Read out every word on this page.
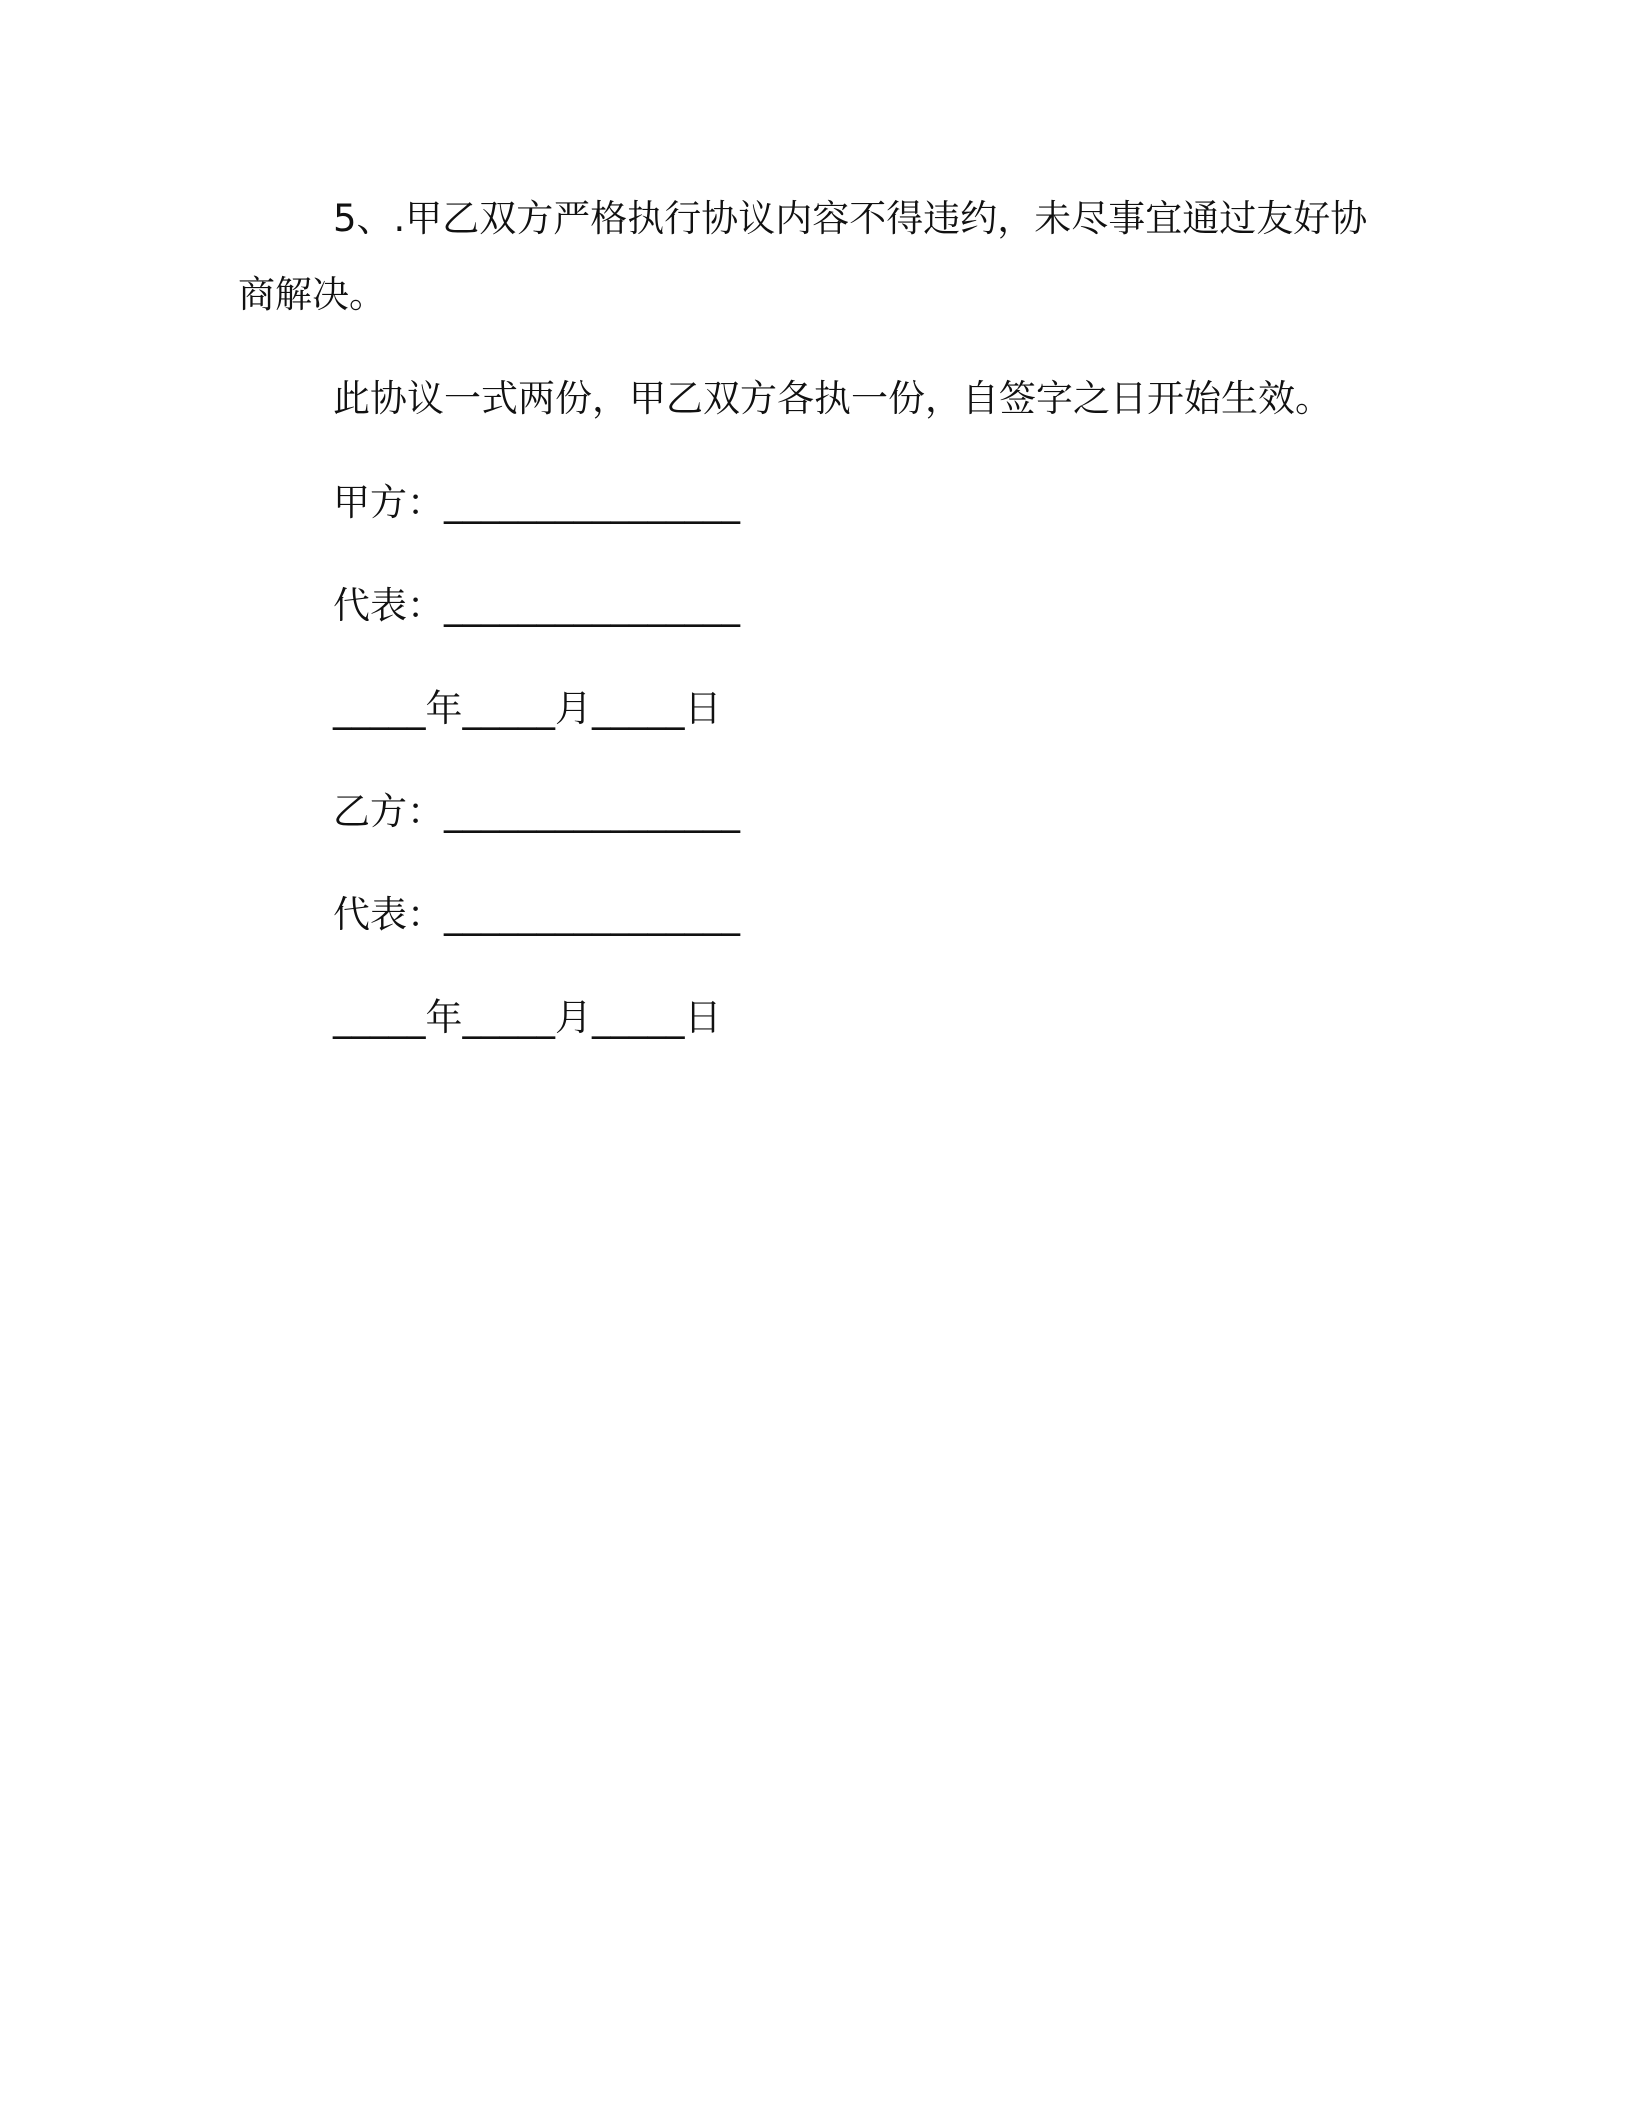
5、.甲乙双方严格执行协议内容不得违约，未尽事宜通过友好协
商解决。
此协议一式两份，甲乙双方各执一份，自签字之日开始生效。
甲方：________________
代表：________________
_____年_____月_____日
乙方：________________
代表：________________
_____年_____月_____日
